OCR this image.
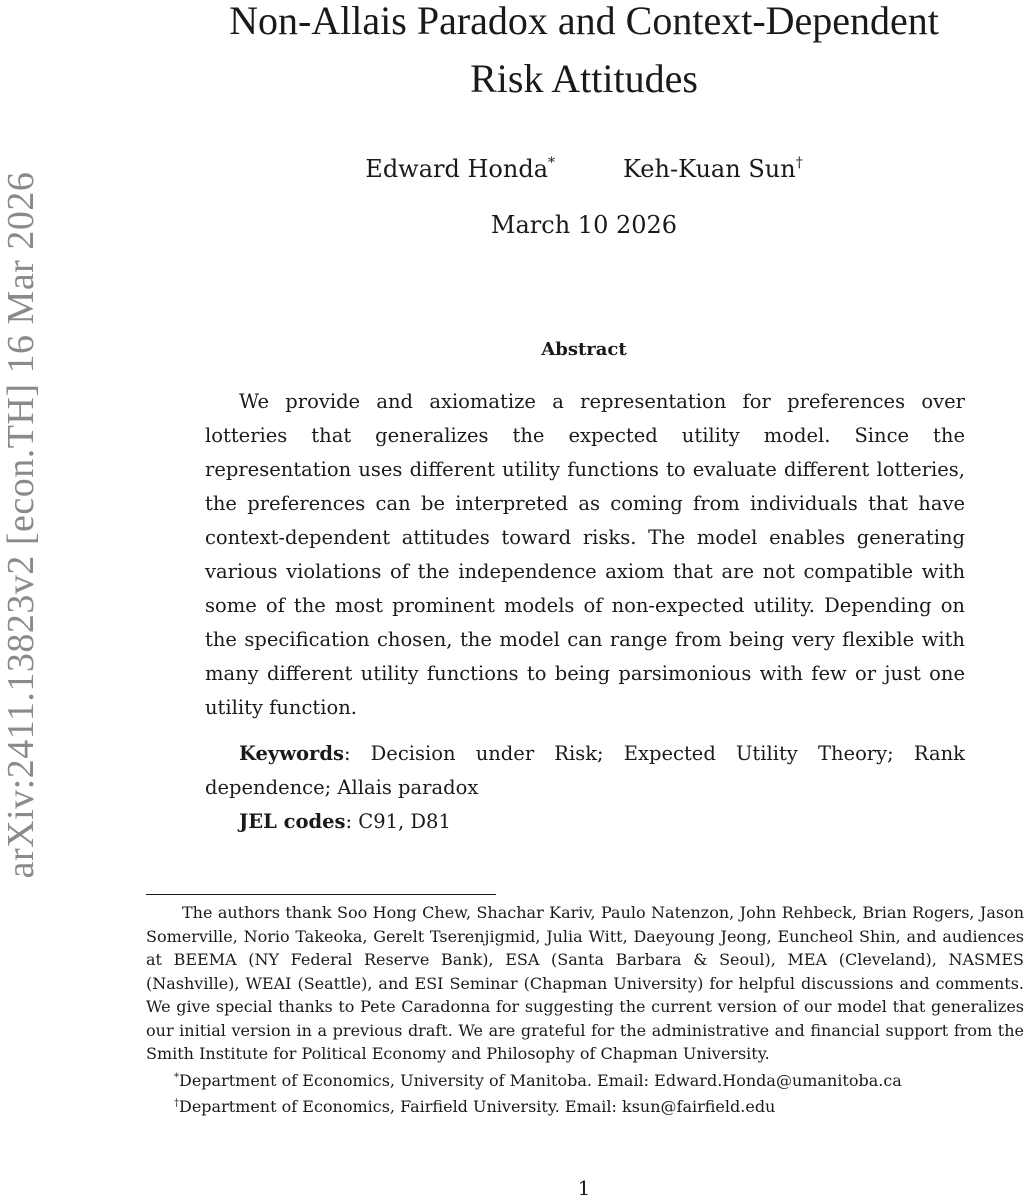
arXiv:2411.13823v2 [econ.TH] 16 Mar 2026
Non-Allais Paradox and Context-Dependent
Risk Attitudes
Edward Honda*	Keh-Kuan Sun†
March 10 2026
Abstract

We provide and axiomatize a representation for preferences over lotteries that generalizes the expected utility model. Since the representation uses different utility functions to evaluate different lotteries, the preferences can be interpreted as coming from individuals that have context-dependent attitudes toward risks. The model enables generating various violations of the independence axiom that are not compatible with some of the most prominent models of non-expected utility. Depending on the specification chosen, the model can range from being very flexible with many different utility functions to being parsimonious with few or just one utility function.

Keywords: Decision under Risk; Expected Utility Theory; Rank dependence; Allais paradox

JEL codes: C91, D81

The authors thank Soo Hong Chew, Shachar Kariv, Paulo Natenzon, John Rehbeck, Brian Rogers, Jason Somerville, Norio Takeoka, Gerelt Tserenjigmid, Julia Witt, Daeyoung Jeong, Euncheol Shin, and audiences at BEEMA (NY Federal Reserve Bank), ESA (Santa Barbara & Seoul), MEA (Cleveland), NASMES (Nashville), WEAI (Seattle), and ESI Seminar (Chapman University) for helpful discussions and comments. We give special thanks to Pete Caradonna for suggesting the current version of our model that generalizes our initial version in a previous draft. We are grateful for the administrative and financial support from the Smith Institute for Political Economy and Philosophy of Chapman University.

*Department of Economics, University of Manitoba. Email: Edward.Honda@umanitoba.ca

†Department of Economics, Fairfield University. Email: ksun@fairfield.edu

1
